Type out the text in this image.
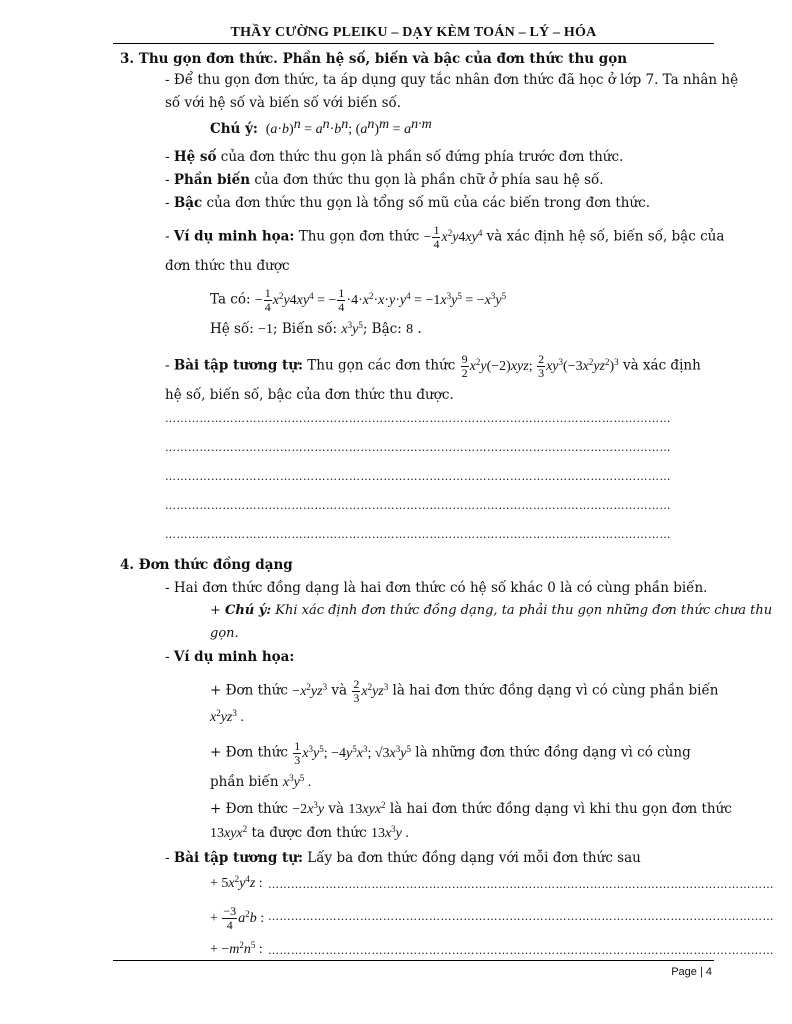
THẦY CƯỜNG PLEIKU – DẠY KÈM TOÁN – LÝ – HÓA
3. Thu gọn đơn thức. Phần hệ số, biến và bậc của đơn thức thu gọn
- Để thu gọn đơn thức, ta áp dụng quy tắc nhân đơn thức đã học ở lớp 7. Ta nhân hệ
số với hệ số và biến số với biến số.
Chú ý:  $(a\cdot b)^n = a^n\cdot b^n$; $(a^n)^m = a^{n\cdot m}$
- Hệ số của đơn thức thu gọn là phần số đứng phía trước đơn thức.
- Phần biến của đơn thức thu gọn là phần chữ ở phía sau hệ số.
- Bậc của đơn thức thu gọn là tổng số mũ của các biến trong đơn thức.
- Ví dụ minh họa: Thu gọn đơn thức − $\frac{1}{4} x^2y4xy^4$ và xác định hệ số, biến số, bậc của
đơn thức thu được
Ta có: − $\frac{1}{4} x^2y4xy^4$ = − $\frac{1}{4} \cdot 4\cdot x^2\cdot x\cdot y\cdot y^4 = -1x^3y^5 = -x^3y^5$
Hệ số: −1; Biến số: $x^3y^5$; Bậc: 8 .
- Bài tập tương tự: Thu gọn các đơn thức $\frac{9}{2} x^2y(-2)xyz$; $\frac{2}{3} xy^3(-3x^2yz^2)^3$ và xác định
hệ số, biến số, bậc của đơn thức thu được.
……………………………………………………………………………………………………………………
……………………………………………………………………………………………………………………
……………………………………………………………………………………………………………………
……………………………………………………………………………………………………………………
……………………………………………………………………………………………………………………
4. Đơn thức đồng dạng
- Hai đơn thức đồng dạng là hai đơn thức có hệ số khác 0 là có cùng phần biến.
+ Chú ý: Khi xác định đơn thức đồng dạng, ta phải thu gọn những đơn thức chưa thu
gọn.
- Ví dụ minh họa:
+ Đơn thức $-x^2yz^3$ và $\frac{2}{3} x^2yz^3$ là hai đơn thức đồng dạng vì có cùng phần biến
$x^2yz^3$ .
+ Đơn thức $\frac{1}{3} x^3y^5$; $-4y^5x^3$; $√3x^3y^5$ là những đơn thức đồng dạng vì có cùng
phần biến $x^3y^5$ .
+ Đơn thức $-2x^3y$ và 13xyx$^2$ là hai đơn thức đồng dạng vì khi thu gọn đơn thức
13xyx$^2$ ta được đơn thức $13x^3y$ .
- Bài tập tương tự: Lấy ba đơn thức đồng dạng với mỗi đơn thức sau
+ $5x^2y^4z$ : ……………………………………………………………………………………………………………………
+ $\frac{-3}{4} a^2b$ : ……………………………………………………………………………………………………………………
+ $-m^2n^5$ : ……………………………………………………………………………………………………………………
Page | 4
